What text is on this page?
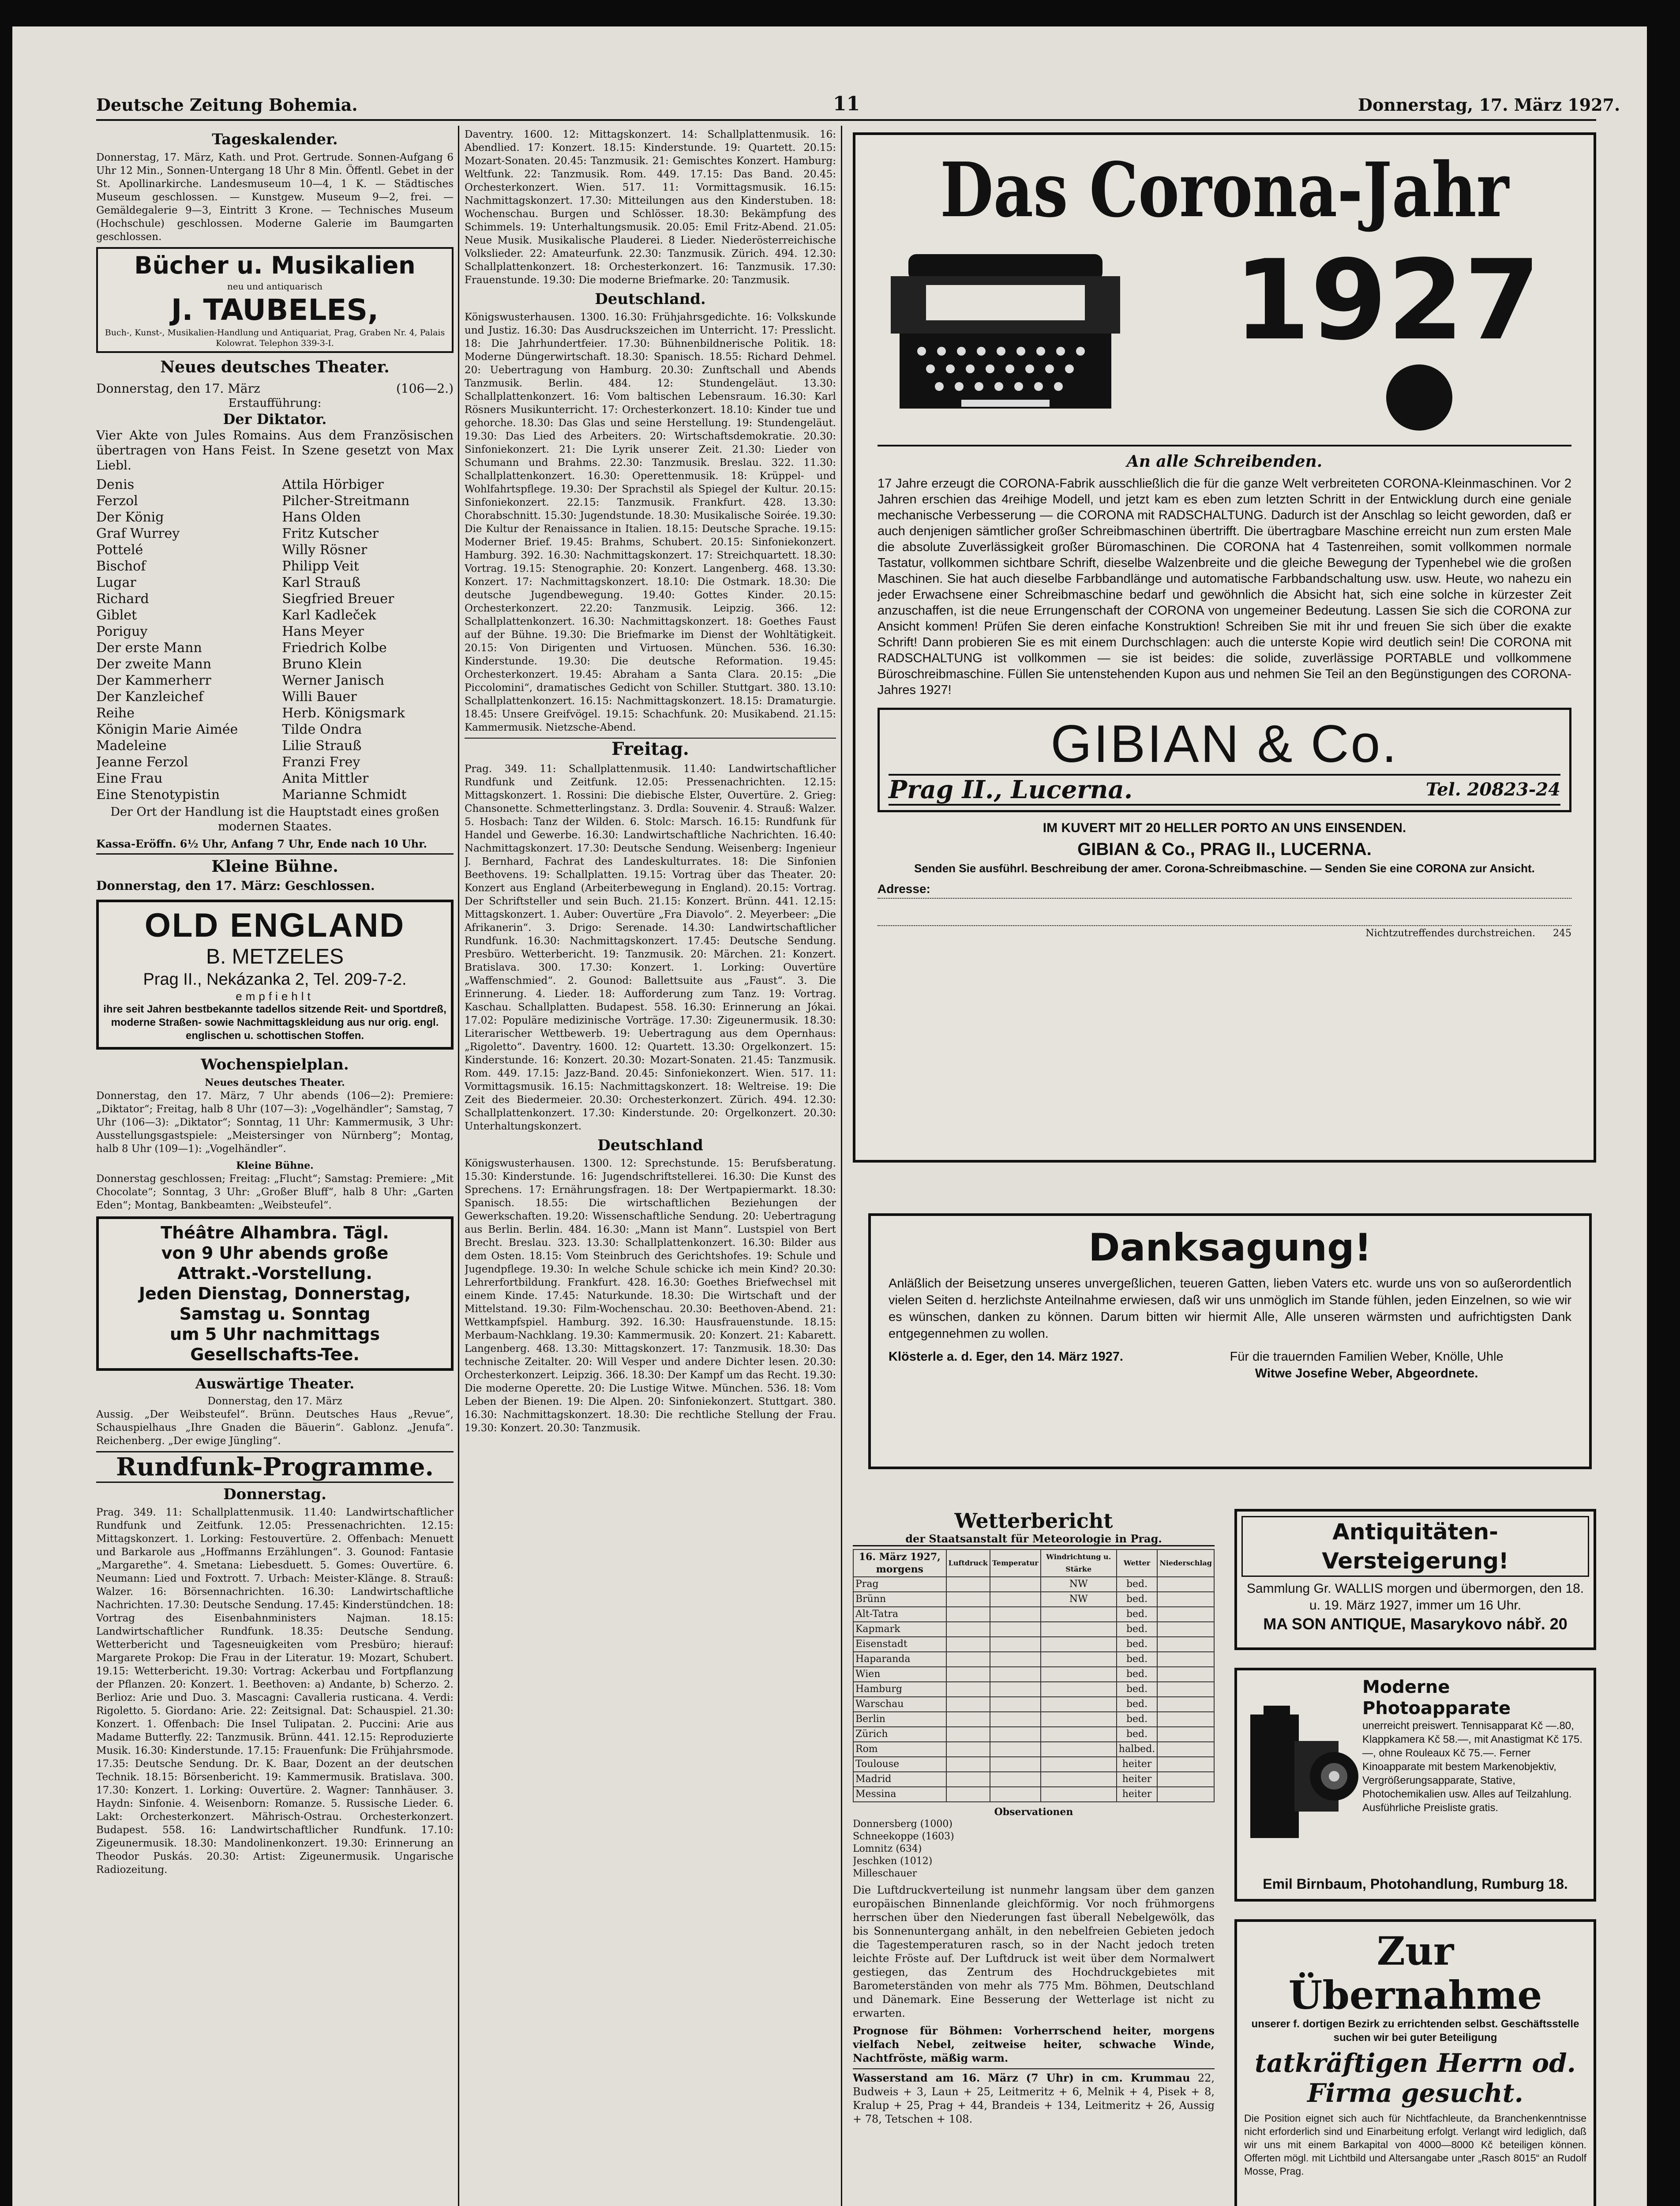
Deutsche Zeitung Bohemia.	11	Donnerstag, 17. März 1927.
Tageskalender.
Donnerstag, 17. März, Kath. und Prot. Gertrude. Sonnen-Aufgang 6 Uhr 12 Min., Sonnen-Untergang 18 Uhr 8 Min. Öffentl. Gebet in der St. Apollinarkirche. Landesmuseum 10—4, 1 K. — Städtisches Museum geschlossen. — Kunstgew. Museum 9—2, frei. — Gemäldegalerie 9—3, Eintritt 3 Krone. — Technisches Museum (Hochschule) geschlossen. Moderne Galerie im Baumgarten geschlossen.
Bücher u. Musikalien
neu und antiquarisch
J. TAUBELES,
Buch-, Kunst-, Musikalien-Handlung und Antiquariat, Prag, Graben Nr. 4, Palais Kolowrat. Telephon 339-3-I.
Neues deutsches Theater.
Donnerstag, den 17. März	(106—2.)
Erstaufführung:
Der Diktator.
Vier Akte von Jules Romains. Aus dem Französischen übertragen von Hans Feist. In Szene gesetzt von Max Liebl.
Denis	Attila Hörbiger
Ferzol	Pilcher-Streitmann
Der König	Hans Olden
Graf Wurrey	Fritz Kutscher
Pottelé	Willy Rösner
Bischof	Philipp Veit
Lugar	Karl Strauß
Richard	Siegfried Breuer
Giblet	Karl Kadleček
Poriguy	Hans Meyer
Der erste Mann	Friedrich Kolbe
Der zweite Mann	Bruno Klein
Der Kammerherr	Werner Janisch
Der Kanzleichef	Willi Bauer
Reihe	Herb. Königsmark
Königin Marie Aimée	Tilde Ondra
Madeleine	Lilie Strauß
Jeanne Ferzol	Franzi Frey
Eine Frau	Anita Mittler
Eine Stenotypistin	Marianne Schmidt
Der Ort der Handlung ist die Hauptstadt eines großen modernen Staates.
Kassa-Eröffn. 6½ Uhr, Anfang 7 Uhr, Ende nach 10 Uhr.
Kleine Bühne.
Donnerstag, den 17. März: Geschlossen.
OLD ENGLAND
B. METZELES
Prag II., Nekázanka 2, Tel. 209-7-2.
empfiehlt
ihre seit Jahren bestbekannte tadellos sitzende Reit- und Sportdreß, moderne Straßen- sowie Nachmittagskleidung aus nur orig. engl. englischen u. schottischen Stoffen.
Wochenspielplan.
Neues deutsches Theater.
Donnerstag, den 17. März, 7 Uhr abends (106—2): Premiere: „Diktator“; Freitag, halb 8 Uhr (107—3): „Vogelhändler“; Samstag, 7 Uhr (106—3): „Diktator“; Sonntag, 11 Uhr: Kammermusik, 3 Uhr: Ausstellungsgastspiele: „Meistersinger von Nürnberg“; Montag, halb 8 Uhr (109—1): „Vogelhändler“.
Kleine Bühne.
Donnerstag geschlossen; Freitag: „Flucht“; Samstag: Premiere: „Mit Chocolate“; Sonntag, 3 Uhr: „Großer Bluff“, halb 8 Uhr: „Garten Eden“; Montag, Bankbeamten: „Weibsteufel“.
Théâtre Alhambra. Tägl.
von 9 Uhr abends große
Attrakt.-Vorstellung.
Jeden Dienstag, Donnerstag, Samstag u. Sonntag
um 5 Uhr nachmittags
Gesellschafts-Tee.
Auswärtige Theater.
Donnerstag, den 17. März
Aussig. „Der Weibsteufel“. Brünn. Deutsches Haus „Revue“, Schauspielhaus „Ihre Gnaden die Bäuerin“. Gablonz. „Jenufa“. Reichenberg. „Der ewige Jüngling“.
Rundfunk-Programme.
Donnerstag.
Prag. 349. 11: Schallplattenmusik. 11.40: Landwirtschaftlicher Rundfunk und Zeitfunk. 12.05: Pressenachrichten. 12.15: Mittagskonzert. 1. Lorking: Festouvertüre. 2. Offenbach: Menuett und Barkarole aus „Hoffmanns Erzählungen“. 3. Gounod: Fantasie „Margarethe“. 4. Smetana: Liebesduett. 5. Gomes: Ouvertüre. 6. Neumann: Lied und Foxtrott. 7. Urbach: Meister-Klänge. 8. Strauß: Walzer. 16: Börsennachrichten. 16.30: Landwirtschaftliche Nachrichten. 17.30: Deutsche Sendung. 17.45: Kinderstündchen. 18: Vortrag des Eisenbahnministers Najman. 18.15: Landwirtschaftlicher Rundfunk. 18.35: Deutsche Sendung. Wetterbericht und Tagesneuigkeiten vom Presbüro; hierauf: Margarete Prokop: Die Frau in der Literatur. 19: Mozart, Schubert. 19.15: Wetterbericht. 19.30: Vortrag: Ackerbau und Fortpflanzung der Pflanzen. 20: Konzert. 1. Beethoven: a) Andante, b) Scherzo. 2. Berlioz: Arie und Duo. 3. Mascagni: Cavalleria rusticana. 4. Verdi: Rigoletto. 5. Giordano: Arie. 22: Zeitsignal. Dat: Schauspiel. 21.30: Konzert. 1. Offenbach: Die Insel Tulipatan. 2. Puccini: Arie aus Madame Butterfly. 22: Tanzmusik. Brünn. 441. 12.15: Reproduzierte Musik. 16.30: Kinderstunde. 17.15: Frauenfunk: Die Frühjahrsmode. 17.35: Deutsche Sendung. Dr. K. Baar, Dozent an der deutschen Technik. 18.15: Börsenbericht. 19: Kammermusik. Bratislava. 300. 17.30: Konzert. 1. Lorking: Ouvertüre. 2. Wagner: Tannhäuser. 3. Haydn: Sinfonie. 4. Weisenborn: Romanze. 5. Russische Lieder. 6. Lakt: Orchesterkonzert. Mährisch-Ostrau. Orchesterkonzert. Budapest. 558. 16: Landwirtschaftlicher Rundfunk. 17.10: Zigeunermusik. 18.30: Mandolinenkonzert. 19.30: Erinnerung an Theodor Puskás. 20.30: Artist: Zigeunermusik. Ungarische Radiozeitung.
Daventry. 1600. 12: Mittagskonzert. 14: Schallplattenmusik. 16: Abendlied. 17: Konzert. 18.15: Kinderstunde. 19: Quartett. 20.15: Mozart-Sonaten. 20.45: Tanzmusik. 21: Gemischtes Konzert. Hamburg: Weltfunk. 22: Tanzmusik. Rom. 449. 17.15: Das Band. 20.45: Orchesterkonzert. Wien. 517. 11: Vormittagsmusik. 16.15: Nachmittagskonzert. 17.30: Mitteilungen aus den Kinderstuben. 18: Wochenschau. Burgen und Schlösser. 18.30: Bekämpfung des Schimmels. 19: Unterhaltungsmusik. 20.05: Emil Fritz-Abend. 21.05: Neue Musik. Musikalische Plauderei. 8 Lieder. Niederösterreichische Volkslieder. 22: Amateurfunk. 22.30: Tanzmusik. Zürich. 494. 12.30: Schallplattenkonzert. 18: Orchesterkonzert. 16: Tanzmusik. 17.30: Frauenstunde. 19.30: Die moderne Briefmarke. 20: Tanzmusik.
Deutschland.
Königswusterhausen. 1300. 16.30: Frühjahrsgedichte. 16: Volkskunde und Justiz. 16.30: Das Ausdruckszeichen im Unterricht. 17: Presslicht. 18: Die Jahrhundertfeier. 17.30: Bühnenbildnerische Politik. 18: Moderne Düngerwirtschaft. 18.30: Spanisch. 18.55: Richard Dehmel. 20: Uebertragung von Hamburg. 20.30: Zunftschall und Abends Tanzmusik. Berlin. 484. 12: Stundengeläut. 13.30: Schallplattenkonzert. 16: Vom baltischen Lebensraum. 16.30: Karl Rösners Musikunterricht. 17: Orchesterkonzert. 18.10: Kinder tue und gehorche. 18.30: Das Glas und seine Herstellung. 19: Stundengeläut. 19.30: Das Lied des Arbeiters. 20: Wirtschaftsdemokratie. 20.30: Sinfoniekonzert. 21: Die Lyrik unserer Zeit. 21.30: Lieder von Schumann und Brahms. 22.30: Tanzmusik. Breslau. 322. 11.30: Schallplattenkonzert. 16.30: Operettenmusik. 18: Krüppel- und Wohlfahrtspflege. 19.30: Der Sprachstil als Spiegel der Kultur. 20.15: Sinfoniekonzert. 22.15: Tanzmusik. Frankfurt. 428. 13.30: Chorabschnitt. 15.30: Jugendstunde. 18.30: Musikalische Soirée. 19.30: Die Kultur der Renaissance in Italien. 18.15: Deutsche Sprache. 19.15: Moderner Brief. 19.45: Brahms, Schubert. 20.15: Sinfoniekonzert. Hamburg. 392. 16.30: Nachmittagskonzert. 17: Streichquartett. 18.30: Vortrag. 19.15: Stenographie. 20: Konzert. Langenberg. 468. 13.30: Konzert. 17: Nachmittagskonzert. 18.10: Die Ostmark. 18.30: Die deutsche Jugendbewegung. 19.40: Gottes Kinder. 20.15: Orchesterkonzert. 22.20: Tanzmusik. Leipzig. 366. 12: Schallplattenkonzert. 16.30: Nachmittagskonzert. 18: Goethes Faust auf der Bühne. 19.30: Die Briefmarke im Dienst der Wohltätigkeit. 20.15: Von Dirigenten und Virtuosen. München. 536. 16.30: Kinderstunde. 19.30: Die deutsche Reformation. 19.45: Orchesterkonzert. 19.45: Abraham a Santa Clara. 20.15: „Die Piccolomini“, dramatisches Gedicht von Schiller. Stuttgart. 380. 13.10: Schallplattenkonzert. 16.15: Nachmittagskonzert. 18.15: Dramaturgie. 18.45: Unsere Greifvögel. 19.15: Schachfunk. 20: Musikabend. 21.15: Kammermusik. Nietzsche-Abend.
Freitag.
Prag. 349. 11: Schallplattenmusik. 11.40: Landwirtschaftlicher Rundfunk und Zeitfunk. 12.05: Pressenachrichten. 12.15: Mittagskonzert. 1. Rossini: Die diebische Elster, Ouvertüre. 2. Grieg: Chansonette. Schmetterlingstanz. 3. Drdla: Souvenir. 4. Strauß: Walzer. 5. Hosbach: Tanz der Wilden. 6. Stolc: Marsch. 16.15: Rundfunk für Handel und Gewerbe. 16.30: Landwirtschaftliche Nachrichten. 16.40: Nachmittagskonzert. 17.30: Deutsche Sendung. Weisenberg: Ingenieur J. Bernhard, Fachrat des Landeskulturrates. 18: Die Sinfonien Beethovens. 19: Schallplatten. 19.15: Vortrag über das Theater. 20: Konzert aus England (Arbeiterbewegung in England). 20.15: Vortrag. Der Schriftsteller und sein Buch. 21.15: Konzert. Brünn. 441. 12.15: Mittagskonzert. 1. Auber: Ouvertüre „Fra Diavolo“. 2. Meyerbeer: „Die Afrikanerin“. 3. Drigo: Serenade. 14.30: Landwirtschaftlicher Rundfunk. 16.30: Nachmittagskonzert. 17.45: Deutsche Sendung. Presbüro. Wetterbericht. 19: Tanzmusik. 20: Märchen. 21: Konzert. Bratislava. 300. 17.30: Konzert. 1. Lorking: Ouvertüre „Waffenschmied“. 2. Gounod: Ballettsuite aus „Faust“. 3. Die Erinnerung. 4. Lieder. 18: Aufforderung zum Tanz. 19: Vortrag. Kaschau. Schallplatten. Budapest. 558. 16.30: Erinnerung an Jókai. 17.02: Populäre medizinische Vorträge. 17.30: Zigeunermusik. 18.30: Literarischer Wettbewerb. 19: Uebertragung aus dem Opernhaus: „Rigoletto“. Daventry. 1600. 12: Quartett. 13.30: Orgelkonzert. 15: Kinderstunde. 16: Konzert. 20.30: Mozart-Sonaten. 21.45: Tanzmusik. Rom. 449. 17.15: Jazz-Band. 20.45: Sinfoniekonzert. Wien. 517. 11: Vormittagsmusik. 16.15: Nachmittagskonzert. 18: Weltreise. 19: Die Zeit des Biedermeier. 20.30: Orchesterkonzert. Zürich. 494. 12.30: Schallplattenkonzert. 17.30: Kinderstunde. 20: Orgelkonzert. 20.30: Unterhaltungskonzert.
Deutschland
Königswusterhausen. 1300. 12: Sprechstunde. 15: Berufsberatung. 15.30: Kinderstunde. 16: Jugendschriftstellerei. 16.30: Die Kunst des Sprechens. 17: Ernährungsfragen. 18: Der Wertpapiermarkt. 18.30: Spanisch. 18.55: Die wirtschaftlichen Beziehungen der Gewerkschaften. 19.20: Wissenschaftliche Sendung. 20: Uebertragung aus Berlin. Berlin. 484. 16.30: „Mann ist Mann“. Lustspiel von Bert Brecht. Breslau. 323. 13.30: Schallplattenkonzert. 16.30: Bilder aus dem Osten. 18.15: Vom Steinbruch des Gerichtshofes. 19: Schule und Jugendpflege. 19.30: In welche Schule schicke ich mein Kind? 20.30: Lehrerfortbildung. Frankfurt. 428. 16.30: Goethes Briefwechsel mit einem Kinde. 17.45: Naturkunde. 18.30: Die Wirtschaft und der Mittelstand. 19.30: Film-Wochenschau. 20.30: Beethoven-Abend. 21: Wettkampfspiel. Hamburg. 392. 16.30: Hausfrauenstunde. 18.15: Merbaum-Nachklang. 19.30: Kammermusik. 20: Konzert. 21: Kabarett. Langenberg. 468. 13.30: Mittagskonzert. 17: Tanzmusik. 18.30: Das technische Zeitalter. 20: Will Vesper und andere Dichter lesen. 20.30: Orchesterkonzert. Leipzig. 366. 18.30: Der Kampf um das Recht. 19.30: Die moderne Operette. 20: Die Lustige Witwe. München. 536. 18: Vom Leben der Bienen. 19: Die Alpen. 20: Sinfoniekonzert. Stuttgart. 380. 16.30: Nachmittagskonzert. 18.30: Die rechtliche Stellung der Frau. 19.30: Konzert. 20.30: Tanzmusik.
Das Corona-Jahr
1927
An alle Schreibenden.
17 Jahre erzeugt die CORONA-Fabrik ausschließlich die für die ganze Welt verbreiteten CORONA-Kleinmaschinen. Vor 2 Jahren erschien das 4reihige Modell, und jetzt kam es eben zum letzten Schritt in der Entwicklung durch eine geniale mechanische Verbesserung — die CORONA mit RADSCHALTUNG. Dadurch ist der Anschlag so leicht geworden, daß er auch denjenigen sämtlicher großer Schreibmaschinen übertrifft. Die übertragbare Maschine erreicht nun zum ersten Male die absolute Zuverlässigkeit großer Büromaschinen. Die CORONA hat 4 Tastenreihen, somit vollkommen normale Tastatur, vollkommen sichtbare Schrift, dieselbe Walzenbreite und die gleiche Bewegung der Typenhebel wie die großen Maschinen. Sie hat auch dieselbe Farbbandlänge und automatische Farbbandschaltung usw. usw. Heute, wo nahezu ein jeder Erwachsene einer Schreibmaschine bedarf und gewöhnlich die Absicht hat, sich eine solche in kürzester Zeit anzuschaffen, ist die neue Errungenschaft der CORONA von ungemeiner Bedeutung. Lassen Sie sich die CORONA zur Ansicht kommen! Prüfen Sie deren einfache Konstruktion! Schreiben Sie mit ihr und freuen Sie sich über die exakte Schrift! Dann probieren Sie es mit einem Durchschlagen: auch die unterste Kopie wird deutlich sein! Die CORONA mit RADSCHALTUNG ist vollkommen — sie ist beides: die solide, zuverlässige PORTABLE und vollkommene Büroschreibmaschine. Füllen Sie untenstehenden Kupon aus und nehmen Sie Teil an den Begünstigungen des CORONA-Jahres 1927!
GIBIAN & Co.
Prag II., Lucerna.	Tel. 20823-24
IM KUVERT MIT 20 HELLER PORTO AN UNS EINSENDEN.
GIBIAN & Co., PRAG II., LUCERNA.
Senden Sie ausführl. Beschreibung der amer. Corona-Schreibmaschine. — Senden Sie eine CORONA zur Ansicht.
Adresse:
Nichtzutreffendes durchstreichen. 245
Danksagung!
Anläßlich der Beisetzung unseres unvergeßlichen, teueren Gatten, lieben Vaters etc. wurde uns von so außerordentlich vielen Seiten d. herzlichste Anteilnahme erwiesen, daß wir uns unmöglich im Stande fühlen, jeden Einzelnen, so wie wir es wünschen, danken zu können. Darum bitten wir hiermit Alle, Alle unseren wärmsten und aufrichtigsten Dank entgegennehmen zu wollen.
Klösterle a. d. Eger, den 14. März 1927.	Für die trauernden Familien Weber, Knölle, Uhle
Witwe Josefine Weber, Abgeordnete.
Wetterbericht
der Staatsanstalt für Meteorologie in Prag.
16. März 1927, morgens	Luftdruck	Temperatur	Windrichtung u. Stärke	Wetter	Niederschlag
Prag			NW	bed.	
Brünn			NW	bed.	
Alt-Tatra				bed.	
Kapmark				bed.	
Eisenstadt				bed.	
Haparanda				bed.	
Wien				bed.	
Hamburg				bed.	
Warschau				bed.	
Berlin				bed.	
Zürich				bed.	
Rom				halbed.	
Toulouse				heiter	
Madrid				heiter	
Messina				heiter	
Observationen
Donnersberg (1000)
Schneekoppe (1603)
Lomnitz (634)
Jeschken (1012)
Milleschauer
Die Luftdruckverteilung ist nunmehr langsam über dem ganzen europäischen Binnenlande gleichförmig. Vor noch frühmorgens herrschen über den Niederungen fast überall Nebelgewölk, das bis Sonnenuntergang anhält, in den nebelfreien Gebieten jedoch die Tagestemperaturen rasch, so in der Nacht jedoch treten leichte Fröste auf. Der Luftdruck ist weit über dem Normalwert gestiegen, das Zentrum des Hochdruckgebietes mit Barometerständen von mehr als 775 Mm. Böhmen, Deutschland und Dänemark. Eine Besserung der Wetterlage ist nicht zu erwarten.
Prognose für Böhmen: Vorherrschend heiter, morgens vielfach Nebel, zeitweise heiter, schwache Winde, Nachtfröste, mäßig warm.
Wasserstand am 16. März (7 Uhr) in cm. Krummau 22, Budweis + 3, Laun + 25, Leitmeritz + 6, Melnik + 4, Pisek + 8, Kralup + 25, Prag + 44, Brandeis + 134, Leitmeritz + 26, Aussig + 78, Tetschen + 108.
Antiquitäten-Versteigerung!
Sammlung Gr. WALLIS morgen und übermorgen, den 18. u. 19. März 1927, immer um 16 Uhr.
MA SON ANTIQUE, Masarykovo nábř. 20
Moderne Photoapparate
unerreicht preiswert. Tennisapparat Kč —.80, Klappkamera Kč 58.—, mit Anastigmat Kč 175.—, ohne Rouleaux Kč 75.—. Ferner Kinoapparate mit bestem Markenobjektiv, Vergrößerungsapparate, Stative, Photochemikalien usw. Alles auf Teilzahlung. Ausführliche Preisliste gratis.
Emil Birnbaum, Photohandlung, Rumburg 18.
Zur Übernahme
unserer f. dortigen Bezirk zu errichtenden selbst. Geschäftsstelle suchen wir bei guter Beteiligung
tatkräftigen Herrn od. Firma gesucht.
Die Position eignet sich auch für Nichtfachleute, da Branchenkenntnisse nicht erforderlich sind und Einarbeitung erfolgt. Verlangt wird lediglich, daß wir uns mit einem Barkapital von 4000—8000 Kč beteiligen können. Offerten mögl. mit Lichtbild und Altersangabe unter „Rasch 8015“ an Rudolf Mosse, Prag.
